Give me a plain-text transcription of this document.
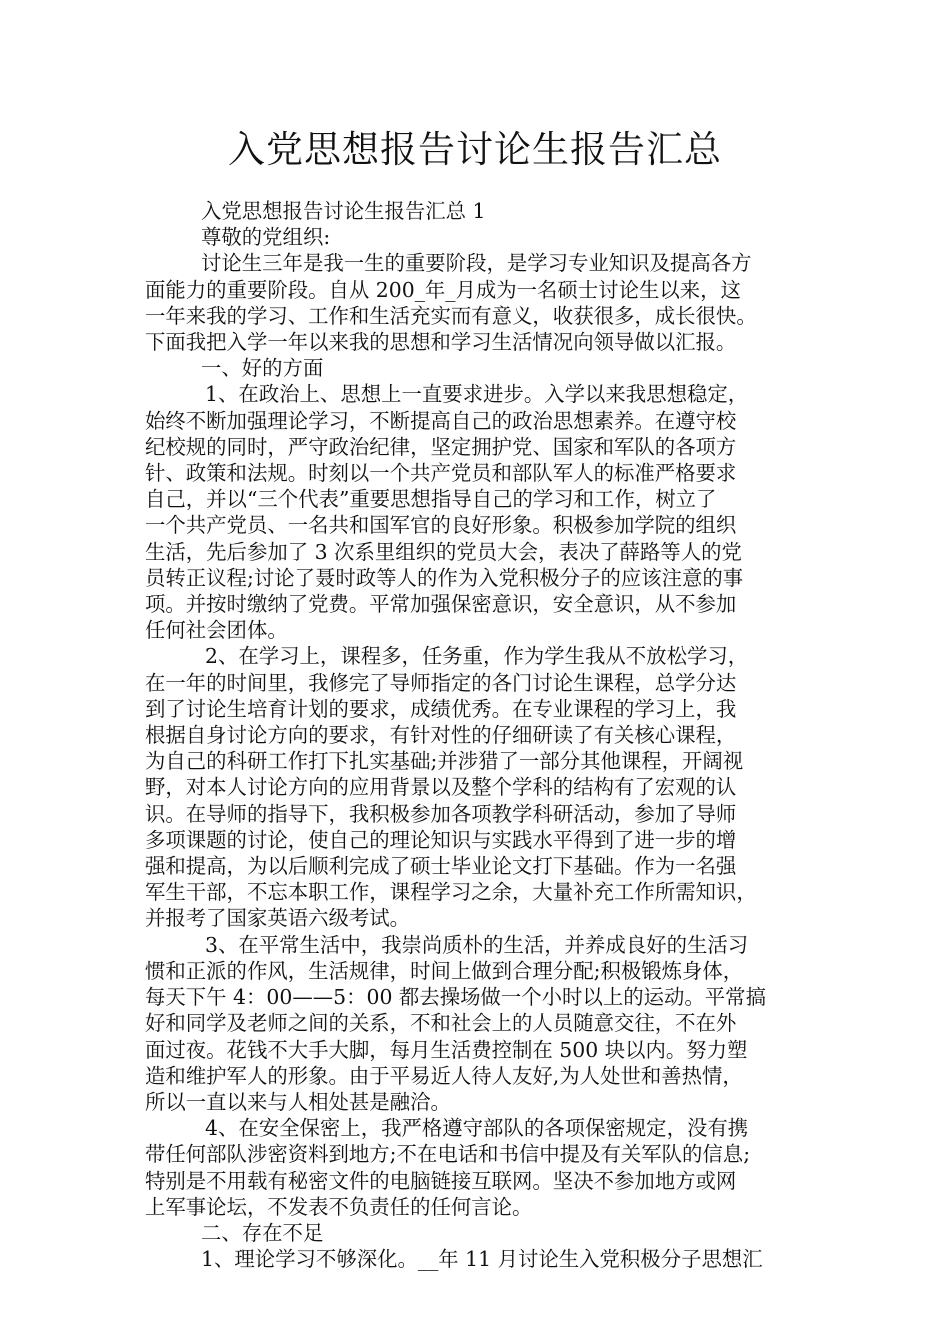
入党思想报告讨论生报告汇总
入党思想报告讨论生报告汇总 1
尊敬的党组织:
讨论生三年是我一生的重要阶段，是学习专业知识及提高各方
面能力的重要阶段。自从 200_年_月成为一名硕士讨论生以来，这
一年来我的学习、工作和生活充实而有意义，收获很多，成长很快。
下面我把入学一年以来我的思想和学习生活情况向领导做以汇报。
一、好的方面
1、在政治上、思想上一直要求进步。入学以来我思想稳定，
始终不断加强理论学习，不断提高自己的政治思想素养。在遵守校
纪校规的同时，严守政治纪律，坚定拥护党、国家和军队的各项方
针、政策和法规。时刻以一个共产党员和部队军人的标准严格要求
自己，并以“三个代表”重要思想指导自己的学习和工作，树立了
一个共产党员、一名共和国军官的良好形象。积极参加学院的组织
生活，先后参加了 3 次系里组织的党员大会，表决了薛路等人的党
员转正议程;讨论了聂时政等人的作为入党积极分子的应该注意的事
项。并按时缴纳了党费。平常加强保密意识，安全意识，从不参加
任何社会团体。
2、在学习上，课程多，任务重，作为学生我从不放松学习，
在一年的时间里，我修完了导师指定的各门讨论生课程，总学分达
到了讨论生培育计划的要求，成绩优秀。在专业课程的学习上，我
根据自身讨论方向的要求，有针对性的仔细研读了有关核心课程，
为自己的科研工作打下扎实基础;并涉猎了一部分其他课程，开阔视
野，对本人讨论方向的应用背景以及整个学科的结构有了宏观的认
识。在导师的指导下，我积极参加各项教学科研活动，参加了导师
多项课题的讨论，使自己的理论知识与实践水平得到了进一步的增
强和提高，为以后顺利完成了硕士毕业论文打下基础。作为一名强
军生干部，不忘本职工作，课程学习之余，大量补充工作所需知识，
并报考了国家英语六级考试。
3、在平常生活中，我崇尚质朴的生活，并养成良好的生活习
惯和正派的作风，生活规律，时间上做到合理分配;积极锻炼身体，
每天下午 4：00——5：00 都去操场做一个小时以上的运动。平常搞
好和同学及老师之间的关系，不和社会上的人员随意交往，不在外
面过夜。花钱不大手大脚，每月生活费控制在 500 块以内。努力塑
造和维护军人的形象。由于平易近人待人友好,为人处世和善热情，
所以一直以来与人相处甚是融洽。
4、在安全保密上，我严格遵守部队的各项保密规定，没有携
带任何部队涉密资料到地方;不在电话和书信中提及有关军队的信息;
特别是不用载有秘密文件的电脑链接互联网。坚决不参加地方或网
上军事论坛，不发表不负责任的任何言论。
二、存在不足
1、理论学习不够深化。__年 11 月讨论生入党积极分子思想汇
